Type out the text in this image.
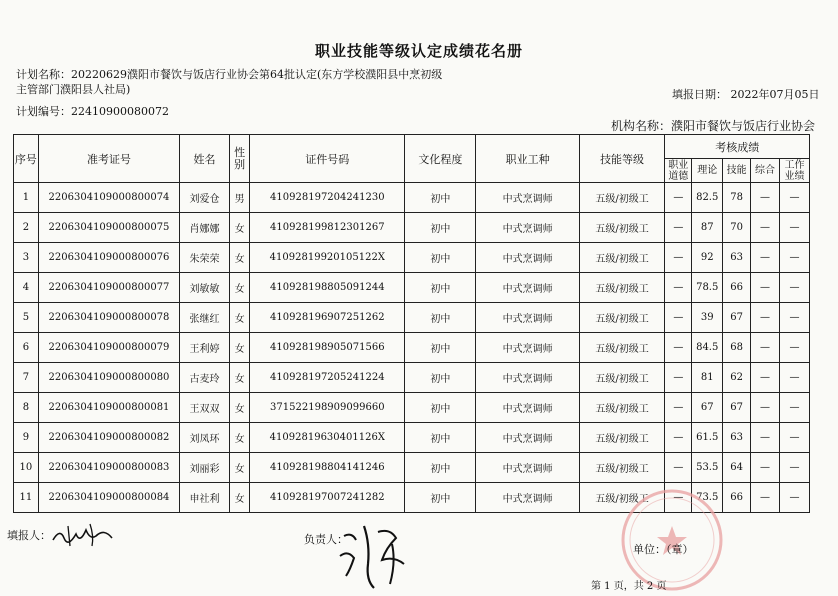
职业技能等级认定成绩花名册
计划名称：20220629濮阳市餐饮与饭店行业协会第64批认定(东方学校濮阳县中烹初级
主管部门濮阳县人社局)	填报日期： 2022年07月05日
计划编号：22410900080072
机构名称：濮阳市餐饮与饭店行业协会
序号	准考证号	姓名	性别	证件号码	文化程度	职业工种	技能等级	考核成绩				
								职业道德	理论	技能	综合	工作业绩
1	2206304109000800074	刘爱仓	男	410928197204241230	初中	中式烹调师	五级/初级工	—	82.5	78	—	—
2	2206304109000800075	肖娜娜	女	410928199812301267	初中	中式烹调师	五级/初级工	—	87	70	—	—
3	2206304109000800076	朱荣荣	女	41092819920105122X	初中	中式烹调师	五级/初级工	—	92	63	—	—
4	2206304109000800077	刘敏敏	女	410928198805091244	初中	中式烹调师	五级/初级工	—	78.5	66	—	—
5	2206304109000800078	张继红	女	410928196907251262	初中	中式烹调师	五级/初级工	—	39	67	—	—
6	2206304109000800079	王利婷	女	410928198905071566	初中	中式烹调师	五级/初级工	—	84.5	68	—	—
7	2206304109000800080	古麦玲	女	410928197205241224	初中	中式烹调师	五级/初级工	—	81	62	—	—
8	2206304109000800081	王双双	女	371522198909099660	初中	中式烹调师	五级/初级工	—	67	67	—	—
9	2206304109000800082	刘凤环	女	41092819630401126X	初中	中式烹调师	五级/初级工	—	61.5	63	—	—
10	2206304109000800083	刘丽彩	女	410928198804141246	初中	中式烹调师	五级/初级工	—	53.5	64	—	—
11	2206304109000800084	申社利	女	410928197007241282	初中	中式烹调师	五级/初级工	—	73.5	66	—	—
填报人：	负责人：
单位：（章）
第 1 页，共 2 页
